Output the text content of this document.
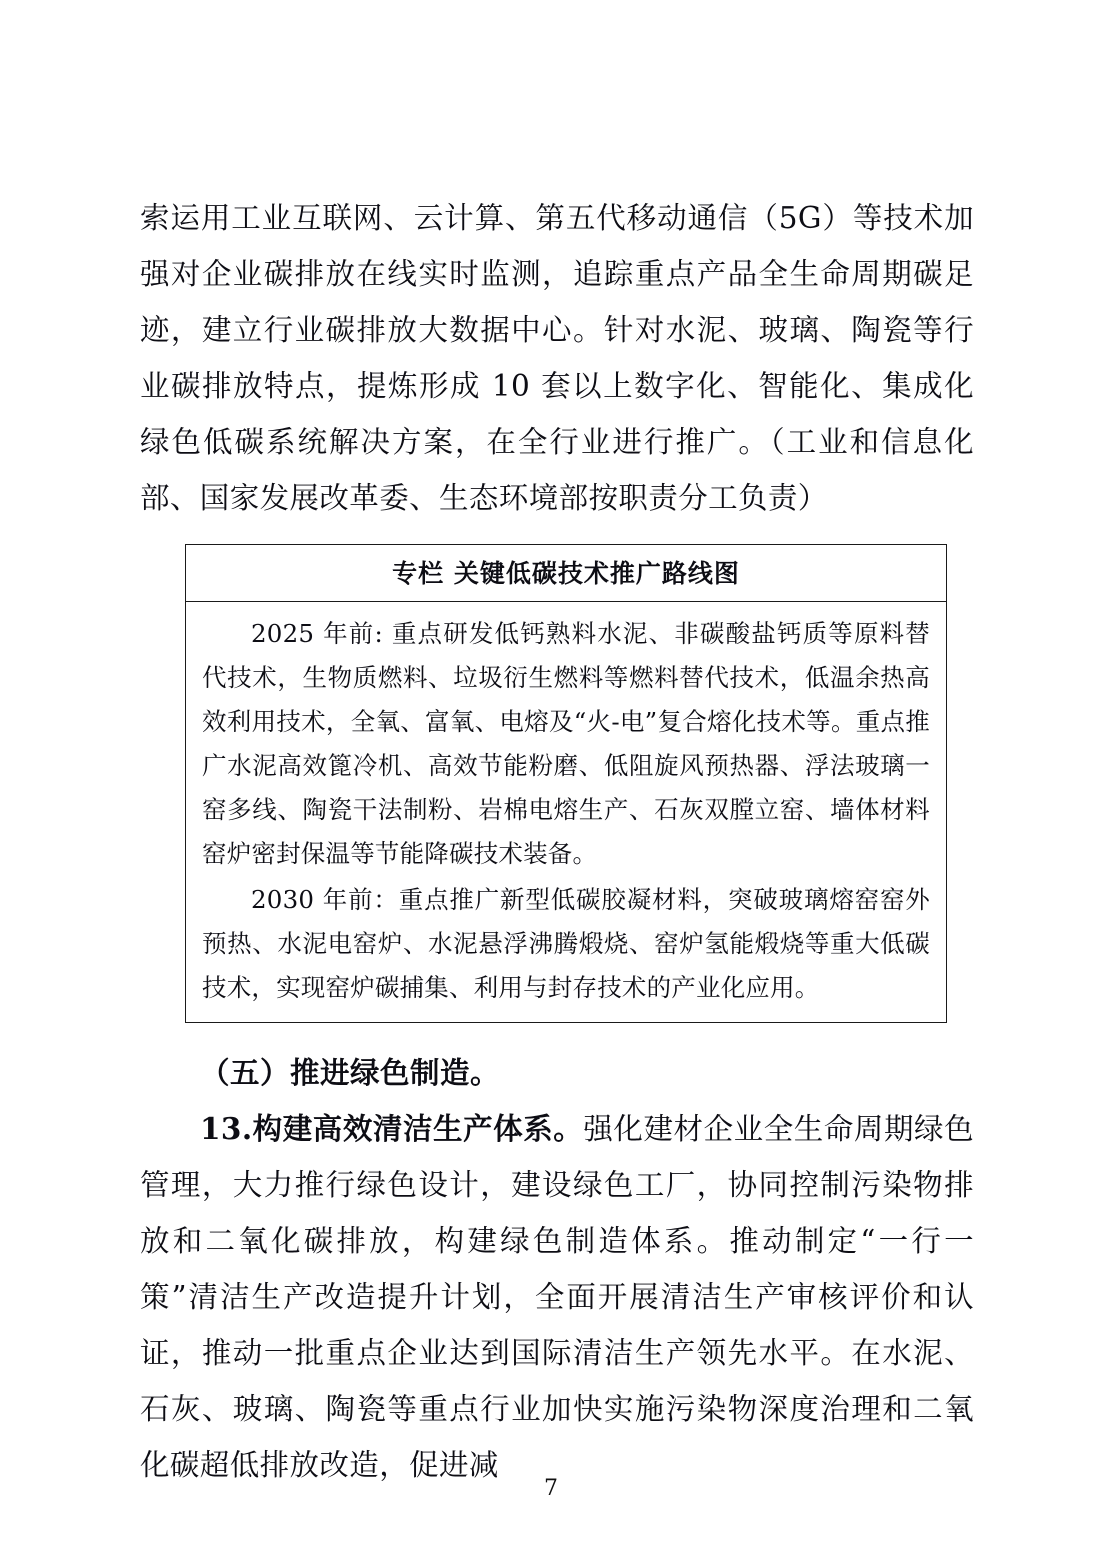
索运用工业互联网、云计算、第五代移动通信（5G）等技术加强对企业碳排放在线实时监测，追踪重点产品全生命周期碳足迹，建立行业碳排放大数据中心。针对水泥、玻璃、陶瓷等行业碳排放特点，提炼形成 10 套以上数字化、智能化、集成化绿色低碳系统解决方案，在全行业进行推广。（工业和信息化部、国家发展改革委、生态环境部按职责分工负责）

专栏 关键低碳技术推广路线图

2025 年前: 重点研发低钙熟料水泥、非碳酸盐钙质等原料替代技术，生物质燃料、垃圾衍生燃料等燃料替代技术，低温余热高效利用技术，全氧、富氧、电熔及“火-电”复合熔化技术等。重点推广水泥高效篦冷机、高效节能粉磨、低阻旋风预热器、浮法玻璃一窑多线、陶瓷干法制粉、岩棉电熔生产、石灰双膛立窑、墙体材料窑炉密封保温等节能降碳技术装备。

2030 年前：重点推广新型低碳胶凝材料，突破玻璃熔窑窑外预热、水泥电窑炉、水泥悬浮沸腾煅烧、窑炉氢能煅烧等重大低碳技术，实现窑炉碳捕集、利用与封存技术的产业化应用。

（五）推进绿色制造。

13.构建高效清洁生产体系。强化建材企业全生命周期绿色管理，大力推行绿色设计，建设绿色工厂，协同控制污染物排放和二氧化碳排放，构建绿色制造体系。推动制定“一行一策”清洁生产改造提升计划，全面开展清洁生产审核评价和认证，推动一批重点企业达到国际清洁生产领先水平。在水泥、石灰、玻璃、陶瓷等重点行业加快实施污染物深度治理和二氧化碳超低排放改造，促进减

7
